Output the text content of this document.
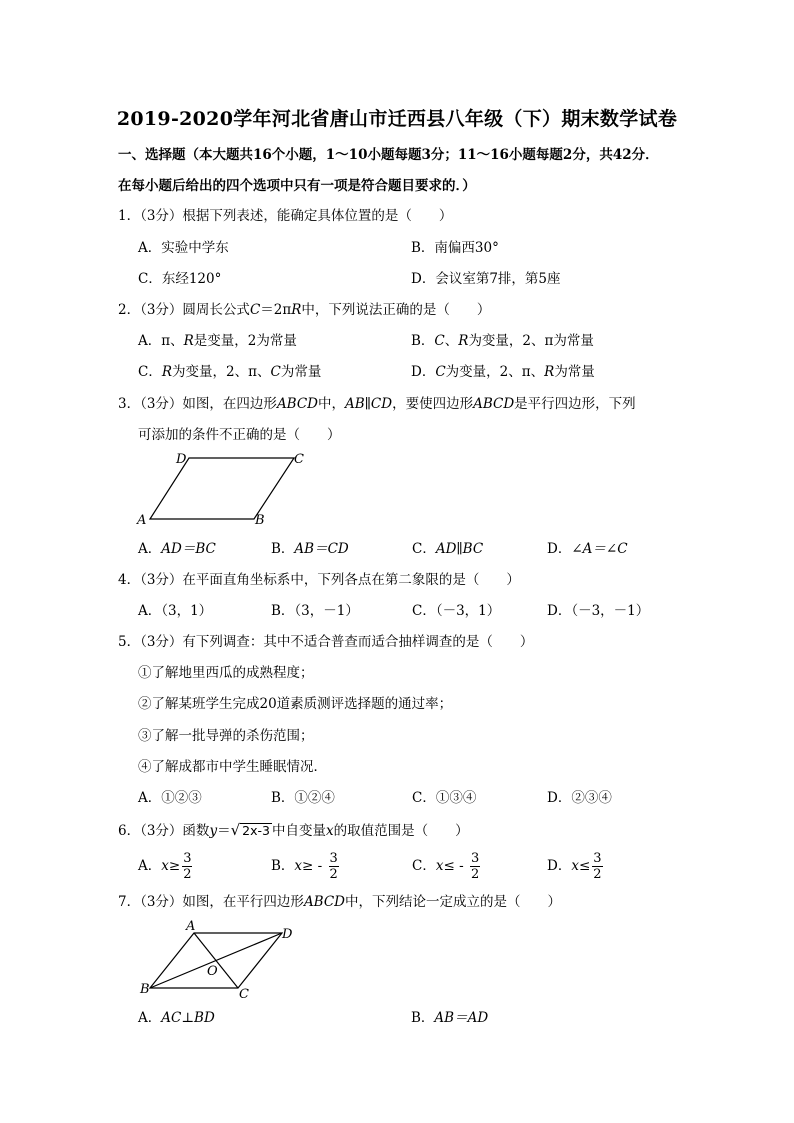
2019-2020学年河北省唐山市迁西县八年级（下）期末数学试卷
一、选择题（本大题共16个小题，1～10小题每题3分；11～16小题每题2分，共42分．
在每小题后给出的四个选项中只有一项是符合题目要求的．）
1．（3分）根据下列表述，能确定具体位置的是（　　）
A．实验中学东	B．南偏西30°
C．东经120°	D．会议室第7排，第5座
2．（3分）圆周长公式C＝2πR中，下列说法正确的是（　　）
A．π、R是变量，2为常量	B．C、R为变量，2、π为常量
C．R为变量，2、π、C为常量	D．C为变量，2、π、R为常量
3．（3分）如图，在四边形ABCD中，AB∥CD，要使四边形ABCD是平行四边形，下列
可添加的条件不正确的是（　　）
D	C
A	B
A．AD＝BC	B．AB＝CD	C．AD∥BC	D．∠A＝∠C
4．（3分）在平面直角坐标系中，下列各点在第二象限的是（　　）
A．（3，1）	B．（3，－1）	C．（－3，1）	D．（－3，－1）
5．（3分）有下列调查：其中不适合普查而适合抽样调查的是（　　）
①了解地里西瓜的成熟程度；
②了解某班学生完成20道素质测评选择题的通过率；
③了解一批导弹的杀伤范围；
④了解成都市中学生睡眠情况．
A．①②③	B．①②④	C．①③④	D．②③④
6．（3分）函数y＝√ 2x-3 中自变量x的取值范围是（　　）
A．$x\ge \frac{3}{2}$	B．$x\ge - \frac{3}{2}$	C．$x\le - \frac{3}{2}$	D．$x\le \frac{3}{2}$
7．（3分）如图，在平行四边形ABCD中，下列结论一定成立的是（　　）
A
D
O
B	C
A．AC⊥BD	B．AB＝AD
